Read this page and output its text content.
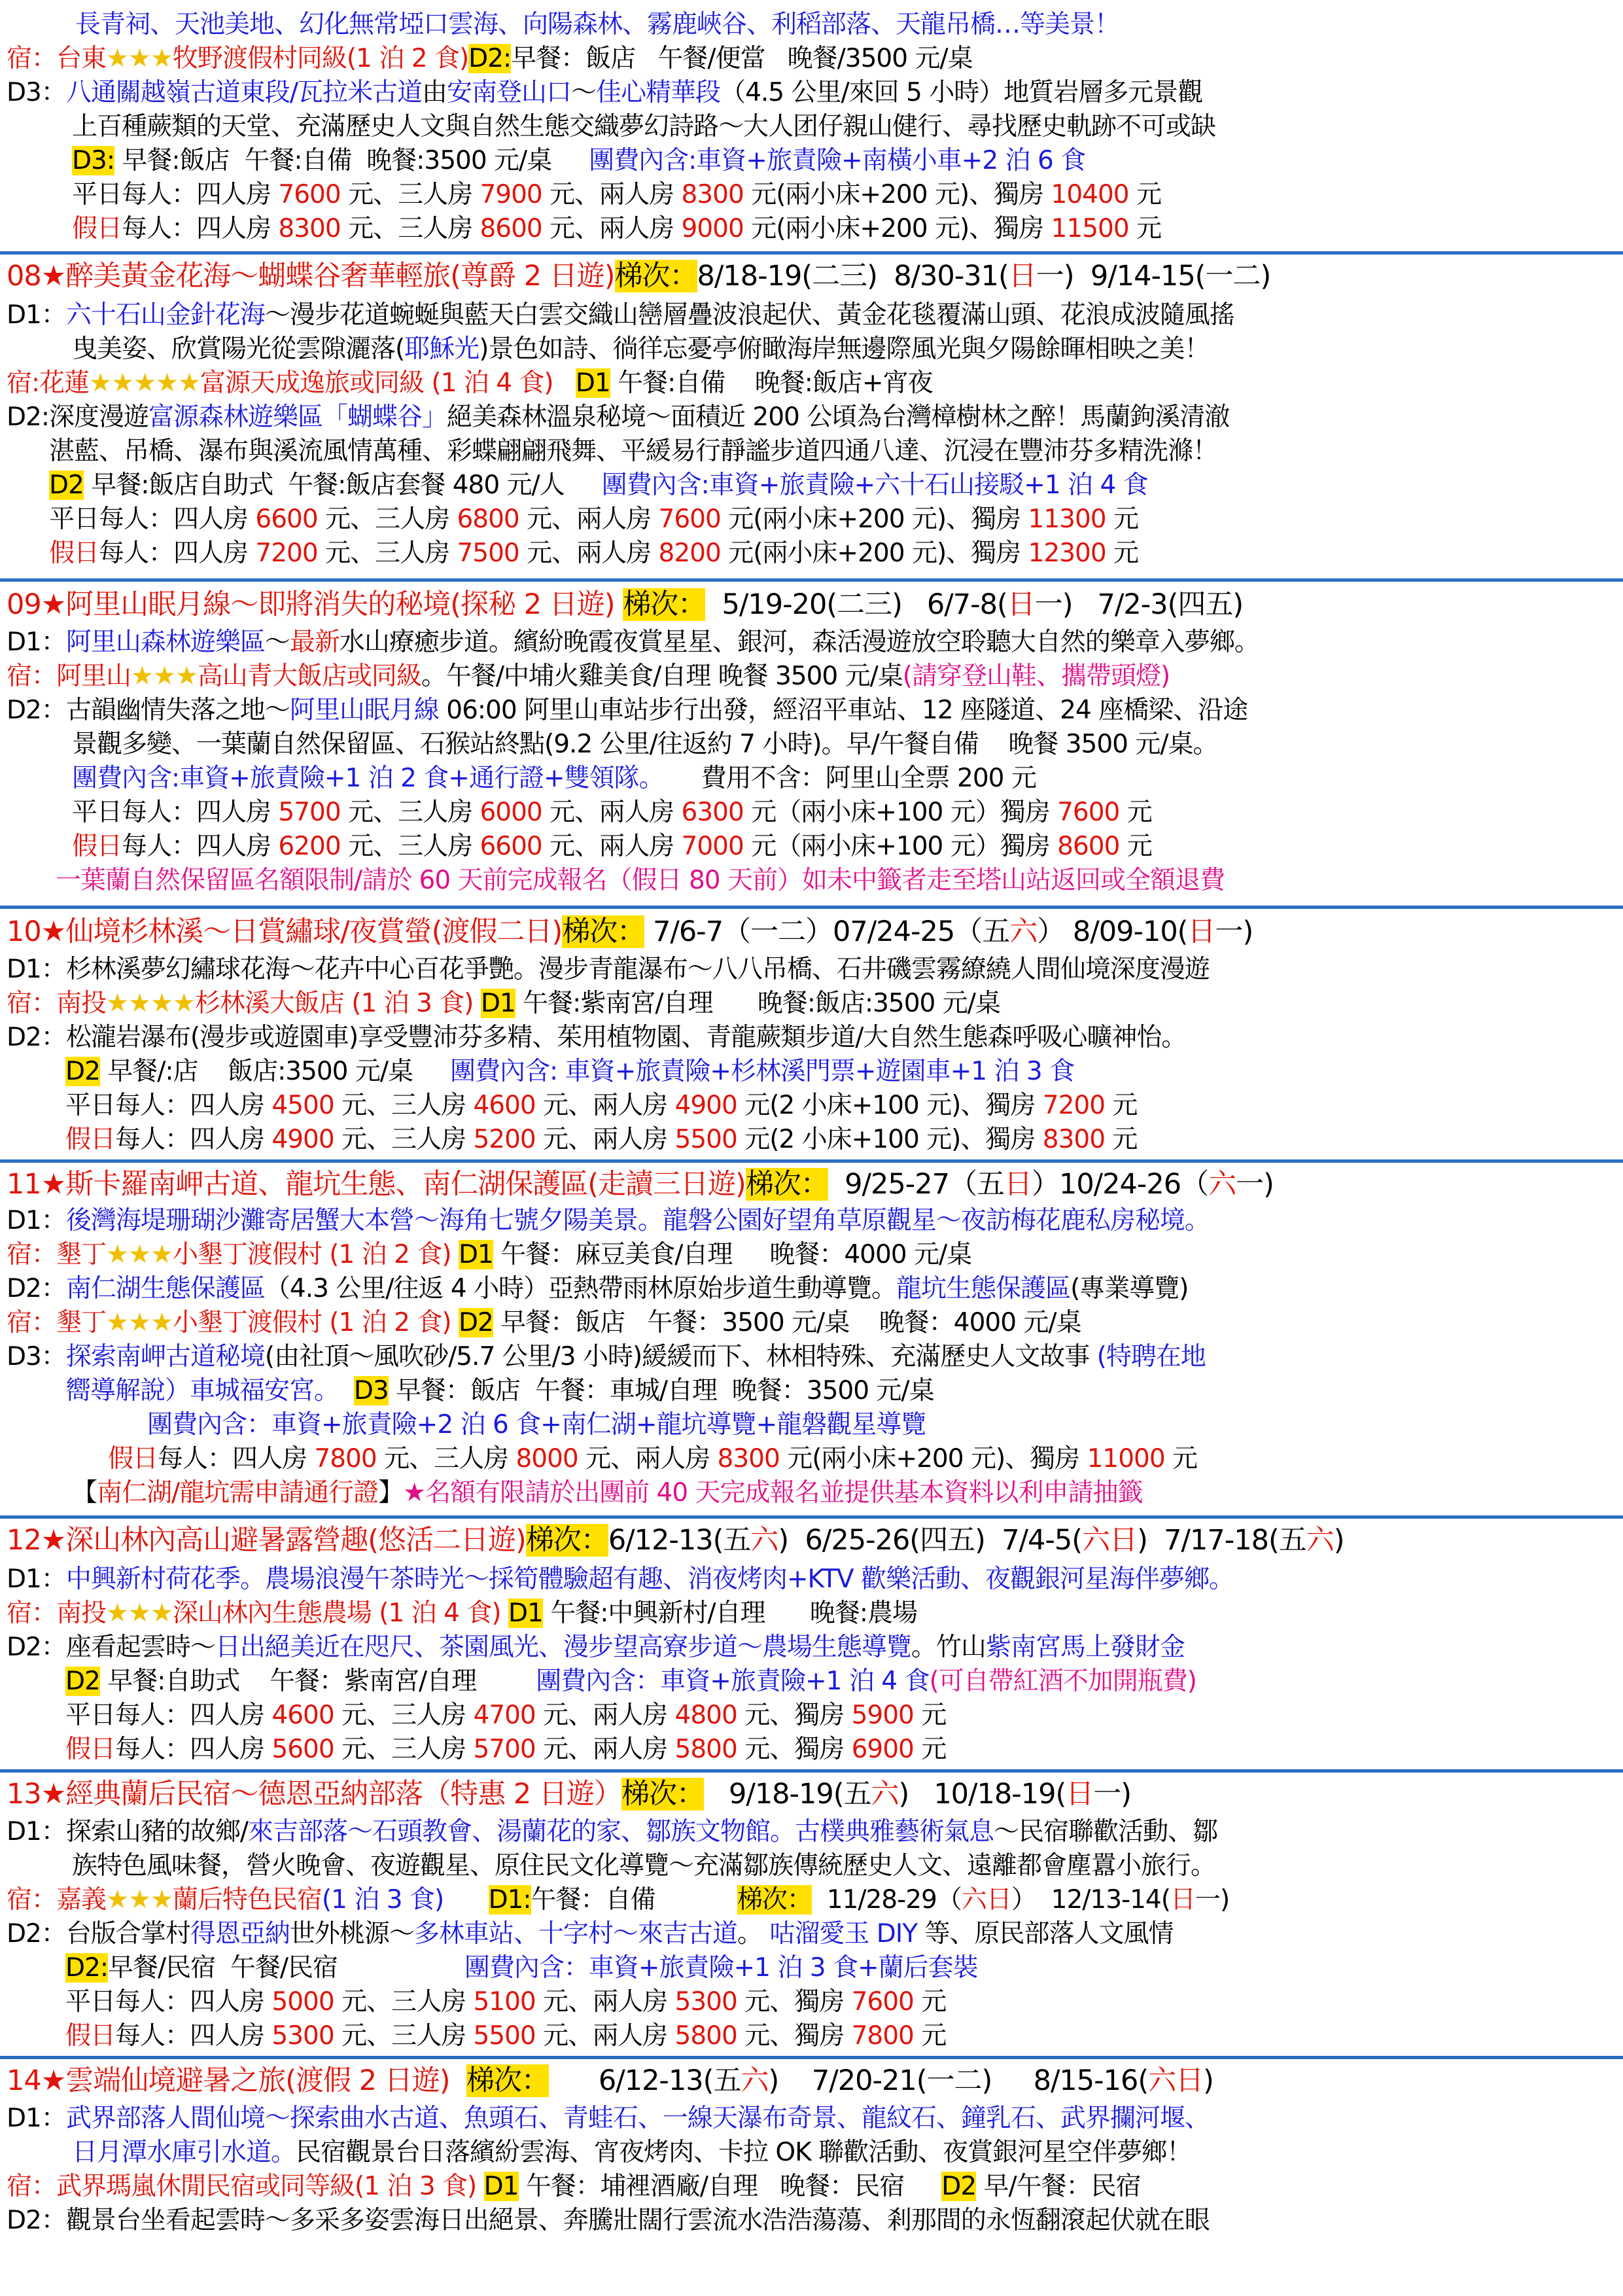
長青祠、天池美地、幻化無常埡口雲海、向陽森林、霧鹿峽谷、利稻部落、天龍吊橋…等美景！
宿：台東★★★牧野渡假村同級(1 泊 2 食)D2:早餐：飯店   午餐/便當   晚餐/3500 元/桌
D3：八通關越嶺古道東段/瓦拉米古道由安南登山口～佳心精華段（4.5 公里/來回 5 小時）地質岩層多元景觀
上百種蕨類的天堂、充滿歷史人文與自然生態交織夢幻詩路～大人团仔親山健行、尋找歷史軌跡不可或缺
D3: 早餐:飯店  午餐:自備  晚餐:3500 元/桌     團費內含:車資+旅責險+南橫小車+2 泊 6 食
平日每人：四人房 7600 元、三人房 7900 元、兩人房 8300 元(兩小床+200 元)、獨房 10400 元
假日每人：四人房 8300 元、三人房 8600 元、兩人房 9000 元(兩小床+200 元)、獨房 11500 元
08★醉美黃金花海～蝴蝶谷奢華輕旅(尊爵 2 日遊)梯次：8/18-19(二三)  8/30-31(日一)  9/14-15(一二)
D1：六十石山金針花海～漫步花道蜿蜒與藍天白雲交織山巒層疊波浪起伏、黃金花毯覆滿山頭、花浪成波隨風搖
曳美姿、欣賞陽光從雲隙灑落(耶穌光)景色如詩、徜徉忘憂亭俯瞰海岸無邊際風光與夕陽餘暉相映之美！
宿:花蓮★★★★★富源天成逸旅或同級 (1 泊 4 食) D1 午餐:自備    晚餐:飯店+宵夜
D2:深度漫遊富源森林遊樂區「蝴蝶谷」絕美森林溫泉秘境～面積近 200 公頃為台灣樟樹林之醉！馬蘭鉤溪清澈
湛藍、吊橋、瀑布與溪流風情萬種、彩蝶翩翩飛舞、平緩易行靜謐步道四通八達、沉浸在豐沛芬多精洗滌！
D2 早餐:飯店自助式  午餐:飯店套餐 480 元/人     團費內含:車資+旅責險+六十石山接駁+1 泊 4 食
平日每人：四人房 6600 元、三人房 6800 元、兩人房 7600 元(兩小床+200 元)、獨房 11300 元
假日每人：四人房 7200 元、三人房 7500 元、兩人房 8200 元(兩小床+200 元)、獨房 12300 元
09★阿里山眠月線～即將消失的秘境(探秘 2 日遊) 梯次：  5/19-20(二三)   6/7-8(日一)   7/2-3(四五)
D1：阿里山森林遊樂區～最新水山療癒步道。繽紛晚霞夜賞星星、銀河，森活漫遊放空聆聽大自然的樂章入夢鄉。
宿：阿里山★★★高山青大飯店或同級。午餐/中埔火雞美食/自理 晚餐 3500 元/桌(請穿登山鞋、攜帶頭燈)
D2：古韻幽情失落之地～阿里山眠月線 06:00 阿里山車站步行出發，經沼平車站、12 座隧道、24 座橋梁、沿途
景觀多變、一葉蘭自然保留區、石猴站終點(9.2 公里/往返約 7 小時)。早/午餐自備    晚餐 3500 元/桌。
團費內含:車資+旅責險+1 泊 2 食+通行證+雙領隊。     費用不含：阿里山全票 200 元
平日每人：四人房 5700 元、三人房 6000 元、兩人房 6300 元（兩小床+100 元）獨房 7600 元
假日每人：四人房 6200 元、三人房 6600 元、兩人房 7000 元（兩小床+100 元）獨房 8600 元
一葉蘭自然保留區名額限制/請於 60 天前完成報名（假日 80 天前）如未中籤者走至塔山站返回或全額退費
10★仙境杉林溪～日賞繡球/夜賞螢(渡假二日)梯次： 7/6-7（一二）07/24-25（五六） 8/09-10(日一)
D1：杉林溪夢幻繡球花海～花卉中心百花爭艷。漫步青龍瀑布～八八吊橋、石井磯雲霧繚繞人間仙境深度漫遊
宿：南投★★★★杉林溪大飯店 (1 泊 3 食) D1 午餐:紫南宮/自理      晚餐:飯店:3500 元/桌
D2：松瀧岩瀑布(漫步或遊園車)享受豐沛芬多精、茱用植物園、青龍蕨類步道/大自然生態森呼吸心曠神怡。
D2 早餐/:店    飯店:3500 元/桌     團費內含: 車資+旅責險+杉林溪門票+遊園車+1 泊 3 食
平日每人：四人房 4500 元、三人房 4600 元、兩人房 4900 元(2 小床+100 元)、獨房 7200 元
假日每人：四人房 4900 元、三人房 5200 元、兩人房 5500 元(2 小床+100 元)、獨房 8300 元
11★斯卡羅南岬古道、龍坑生態、南仁湖保護區(走讀三日遊)梯次：  9/25-27（五日）10/24-26（六一)
D1：後灣海堤珊瑚沙灘寄居蟹大本營～海角七號夕陽美景。龍磐公園好望角草原觀星～夜訪梅花鹿私房秘境。
宿：墾丁★★★小墾丁渡假村 (1 泊 2 食) D1 午餐：麻豆美食/自理     晚餐：4000 元/桌
D2：南仁湖生態保護區（4.3 公里/往返 4 小時）亞熱帶雨林原始步道生動導覽。龍坑生態保護區(專業導覽)
宿：墾丁★★★小墾丁渡假村 (1 泊 2 食) D2 早餐：飯店   午餐：3500 元/桌    晚餐：4000 元/桌
D3：探索南岬古道秘境(由社頂～風吹砂/5.7 公里/3 小時)緩緩而下、林相特殊、充滿歷史人文故事 (特聘在地
嚮導解說）車城福安宮。 D3 早餐：飯店  午餐：車城/自理  晚餐：3500 元/桌
團費內含：車資+旅責險+2 泊 6 食+南仁湖+龍坑導覽+龍磐觀星導覽
假日每人：四人房 7800 元、三人房 8000 元、兩人房 8300 元(兩小床+200 元)、獨房 11000 元
【南仁湖/龍坑需申請通行證】★名額有限請於出團前 40 天完成報名並提供基本資料以利申請抽籤
12★深山林內高山避暑露營趣(悠活二日遊)梯次：6/12-13(五六)  6/25-26(四五)  7/4-5(六日)  7/17-18(五六)
D1：中興新村荷花季。農場浪漫午茶時光～採筍體驗超有趣、消夜烤肉+KTV 歡樂活動、夜觀銀河星海伴夢鄉。
宿：南投★★★深山林內生態農場 (1 泊 4 食) D1 午餐:中興新村/自理      晚餐:農場
D2：座看起雲時～日出絕美近在咫尺、茶園風光、漫步望高寮步道～農場生態導覽。竹山紫南宮馬上發財金
D2 早餐:自助式    午餐：紫南宮/自理        團費內含：車資+旅責險+1 泊 4 食(可自帶紅酒不加開瓶費)
平日每人：四人房 4600 元、三人房 4700 元、兩人房 4800 元、獨房 5900 元
假日每人：四人房 5600 元、三人房 5700 元、兩人房 5800 元、獨房 6900 元
13★經典蘭后民宿～德恩亞納部落（特惠 2 日遊）梯次：   9/18-19(五六)   10/18-19(日一)
D1：探索山豬的故鄉/來吉部落～石頭教會、湯蘭花的家、鄒族文物館。古樸典雅藝術氣息～民宿聯歡活動、鄒
族特色風味餐，營火晚會、夜遊觀星、原住民文化導覽～充滿鄒族傳統歷史人文、遠離都會塵囂小旅行。
宿：嘉義★★★蘭后特色民宿(1 泊 3 食) D1:午餐：自備           梯次：  11/28-29（六日）  12/13-14(日一)
D2：台版合掌村得恩亞納世外桃源～多林車站、十字村～來吉古道。 咕溜愛玉 DIY 等、原民部落人文風情
D2:早餐/民宿  午餐/民宿                 團費內含：車資+旅責險+1 泊 3 食+蘭后套裝
平日每人：四人房 5000 元、三人房 5100 元、兩人房 5300 元、獨房 7600 元
假日每人：四人房 5300 元、三人房 5500 元、兩人房 5800 元、獨房 7800 元
14★雲端仙境避暑之旅(渡假 2 日遊) 梯次：      6/12-13(五六)    7/20-21(一二)     8/15-16(六日)
D1：武界部落人間仙境～探索曲水古道、魚頭石、青蛙石、一線天瀑布奇景、龍紋石、鐘乳石、武界攔河堰、
日月潭水庫引水道。民宿觀景台日落繽紛雲海、宵夜烤肉、卡拉 OK 聯歡活動、夜賞銀河星空伴夢鄉！
宿：武界瑪嵐休閒民宿或同等級(1 泊 3 食) D1 午餐：埔裡酒廠/自理   晚餐：民宿     D2 早/午餐：民宿
D2：觀景台坐看起雲時～多采多姿雲海日出絕景、奔騰壯闊行雲流水浩浩蕩蕩、剎那間的永恆翻滾起伏就在眼
